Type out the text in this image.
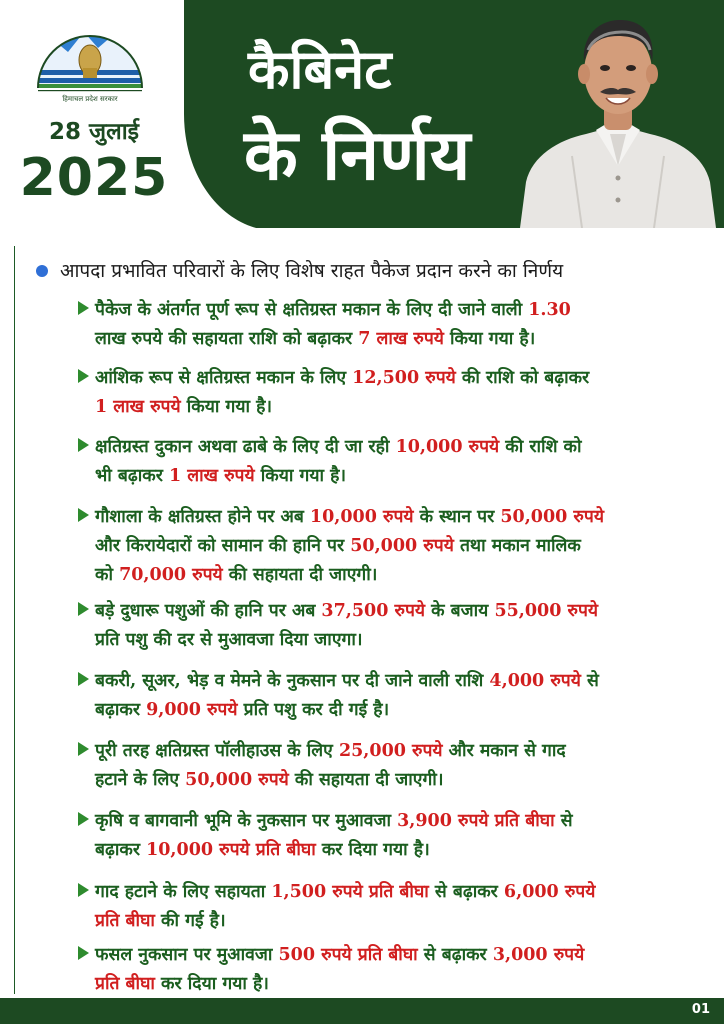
हिमाचल प्रदेश सरकार
28 जुलाई
2025
कैबिनेट
के निर्णय
आपदा प्रभावित परिवारों के लिए विशेष राहत पैकेज प्रदान करने का निर्णय

पैकेज के अंतर्गत पूर्ण रूप से क्षतिग्रस्त मकान के लिए दी जाने वाली 1.30
लाख रुपये की सहायता राशि को बढ़ाकर 7 लाख रुपये किया गया है।

आंशिक रूप से क्षतिग्रस्त मकान के लिए 12,500 रुपये की राशि को बढ़ाकर
1 लाख रुपये किया गया है।

क्षतिग्रस्त दुकान अथवा ढाबे के लिए दी जा रही 10,000 रुपये की राशि को
भी बढ़ाकर 1 लाख रुपये किया गया है।

गौशाला के क्षतिग्रस्त होने पर अब 10,000 रुपये के स्थान पर 50,000 रुपये
और किरायेदारों को सामान की हानि पर 50,000 रुपये तथा मकान मालिक
को 70,000 रुपये की सहायता दी जाएगी।

बड़े दुधारू पशुओं की हानि पर अब 37,500 रुपये के बजाय 55,000 रुपये
प्रति पशु की दर से मुआवजा दिया जाएगा।

बकरी, सूअर, भेड़ व मेमने के नुकसान पर दी जाने वाली राशि 4,000 रुपये से
बढ़ाकर 9,000 रुपये प्रति पशु कर दी गई है।

पूरी तरह क्षतिग्रस्त पॉलीहाउस के लिए 25,000 रुपये और मकान से गाद
हटाने के लिए 50,000 रुपये की सहायता दी जाएगी।

कृषि व बागवानी भूमि के नुकसान पर मुआवजा 3,900 रुपये प्रति बीघा से
बढ़ाकर 10,000 रुपये प्रति बीघा कर दिया गया है।

गाद हटाने के लिए सहायता 1,500 रुपये प्रति बीघा से बढ़ाकर 6,000 रुपये
प्रति बीघा की गई है।

फसल नुकसान पर मुआवजा 500 रुपये प्रति बीघा से बढ़ाकर 3,000 रुपये
प्रति बीघा कर दिया गया है।

01
